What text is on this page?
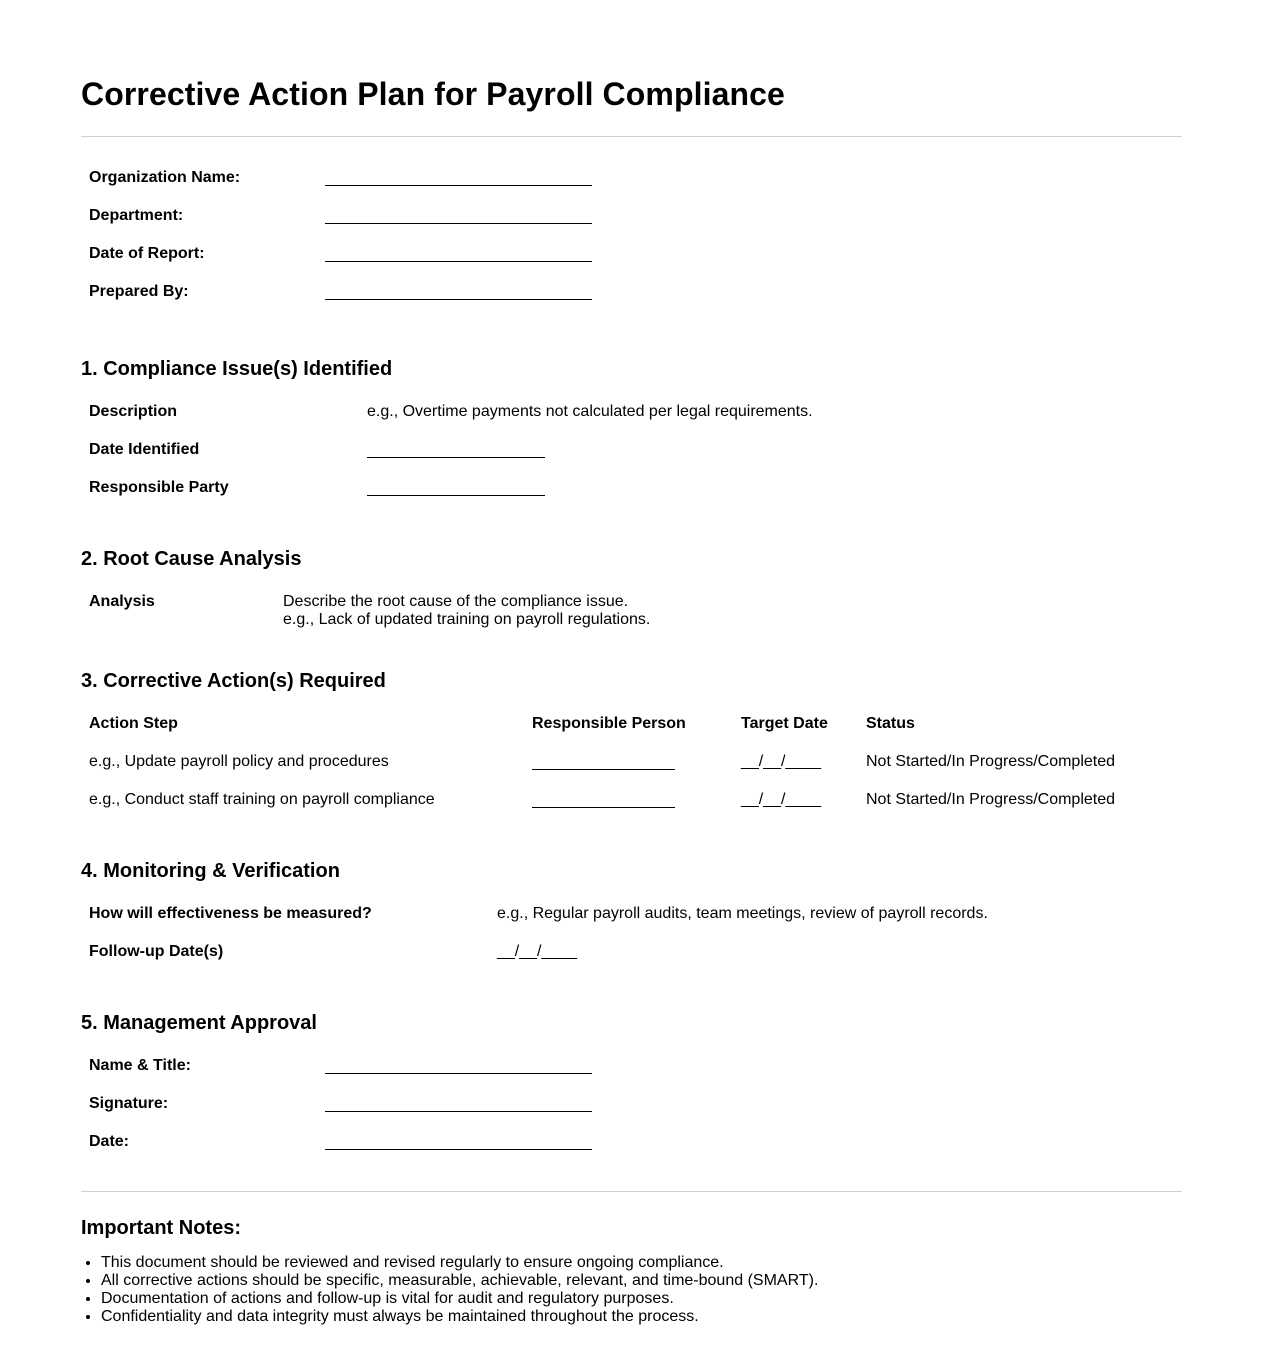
Corrective Action Plan for Payroll Compliance
Organization Name:	
Department:	
Date of Report:	
Prepared By:	
1. Compliance Issue(s) Identified
Description	e.g., Overtime payments not calculated per legal requirements.
Date Identified	
Responsible Party	
2. Root Cause Analysis
Analysis	Describe the root cause of the compliance issue.
e.g., Lack of updated training on payroll regulations.
3. Corrective Action(s) Required
Action Step	Responsible Person	Target Date	Status
e.g., Update payroll policy and procedures		__/__/____	Not Started/In Progress/Completed
e.g., Conduct staff training on payroll compliance		__/__/____	Not Started/In Progress/Completed
4. Monitoring & Verification
How will effectiveness be measured?	e.g., Regular payroll audits, team meetings, review of payroll records.
Follow-up Date(s)	__/__/____
5. Management Approval
Name & Title:	
Signature:	
Date:	
Important Notes:
• This document should be reviewed and revised regularly to ensure ongoing compliance.
• All corrective actions should be specific, measurable, achievable, relevant, and time-bound (SMART).
• Documentation of actions and follow-up is vital for audit and regulatory purposes.
• Confidentiality and data integrity must always be maintained throughout the process.
